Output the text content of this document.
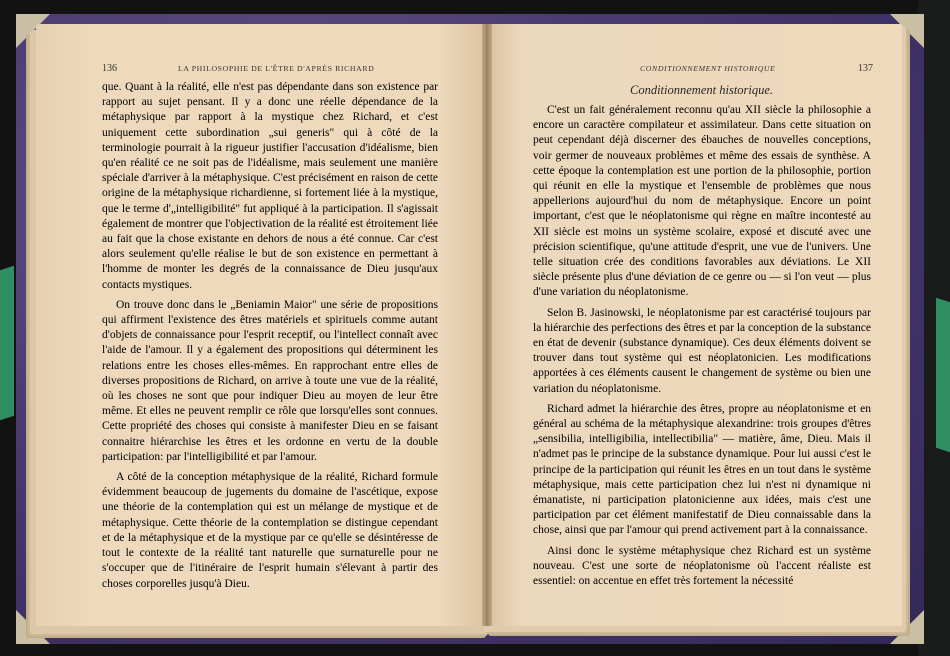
136	LA PHILOSOPHIE DE L'ÊTRE D'APRÈS RICHARD

que. Quant à la réalité, elle n'est pas dépendante dans son existence par rapport au sujet pensant. Il y a donc une réelle dépendance de la métaphysique par rapport à la mystique chez Richard, et c'est uniquement cette subordination „sui generis" qui à côté de la terminologie pourrait à la rigueur justifier l'accusation d'idéalisme, bien qu'en réalité ce ne soit pas de l'idéalisme, mais seulement une manière spéciale d'arriver à la métaphysique. C'est précisément en raison de cette origine de la métaphysique richardienne, si fortement liée à la mystique, que le terme d'„intelligibilité" fut appliqué à la participation. Il s'agissait également de montrer que l'objectivation de la réalité est étroitement liée au fait que la chose existante en dehors de nous a été connue. Car c'est alors seulement qu'elle réalise le but de son existence en permettant à l'homme de monter les degrés de la connaissance de Dieu jusqu'aux contacts mystiques.

On trouve donc dans le „Beniamin Maior" une série de propositions qui affirment l'existence des êtres matériels et spirituels comme autant d'objets de connaissance pour l'esprit receptif, ou l'intellect connaît avec l'aide de l'amour. Il y a également des propositions qui déterminent les relations entre les choses elles-mêmes. En rapprochant entre elles de diverses propositions de Richard, on arrive à toute une vue de la réalité, où les choses ne sont que pour indiquer Dieu au moyen de leur être même. Et elles ne peuvent remplir ce rôle que lorsqu'elles sont connues. Cette propriété des choses qui consiste à manifester Dieu en se faisant connaitre hiérarchise les êtres et les ordonne en vertu de la double participation: par l'intelligibilité et par l'amour.

A côté de la conception métaphysique de la réalité, Richard formule évidemment beaucoup de jugements du domaine de l'ascétique, expose une théorie de la contemplation qui est un mélange de mystique et de métaphysique. Cette théorie de la contemplation se distingue cependant et de la métaphysique et de la mystique par ce qu'elle se désintéresse de tout le contexte de la réalité tant naturelle que surnaturelle pour ne s'occuper que de l'itinéraire de l'esprit humain s'élevant à partir des choses corporelles jusqu'à Dieu.

CONDITIONNEMENT HISTORIQUE	137
Conditionnement historique.

C'est un fait généralement reconnu qu'au XII siècle la philosophie a encore un caractère compilateur et assimilateur. Dans cette situation on peut cependant déjà discerner des ébauches de nouvelles conceptions, voir germer de nouveaux problèmes et même des essais de synthèse. A cette époque la contemplation est une portion de la philosophie, portion qui réunit en elle la mystique et l'ensemble de problèmes que nous appellerions aujourd'hui du nom de métaphysique. Encore un point important, c'est que le néoplatonisme qui règne en maître incontesté au XII siècle est moins un système scolaire, exposé et discuté avec une précision scientifique, qu'une attitude d'esprit, une vue de l'univers. Une telle situation crée des conditions favorables aux déviations. Le XII siècle présente plus d'une déviation de ce genre ou — si l'on veut — plus d'une variation du néoplatonisme.

Selon B. Jasinowski, le néoplatonisme par est caractérisé toujours par la hiérarchie des perfections des êtres et par la conception de la substance en état de devenir (substance dynamique). Ces deux éléments doivent se trouver dans tout système qui est néoplatonicien. Les modifications apportées à ces éléments causent le changement de système ou bien une variation du néoplatonisme.

Richard admet la hiérarchie des êtres, propre au néoplatonisme et en général au schéma de la métaphysique alexandrine: trois groupes d'êtres „sensibilia, intelligibilia, intellectibilia" — matière, âme, Dieu. Mais il n'admet pas le principe de la substance dynamique. Pour lui aussi c'est le principe de la participation qui réunit les êtres en un tout dans le système métaphysique, mais cette participation chez lui n'est ni dynamique ni émanatiste, ni participation platonicienne aux idées, mais c'est une participation par cet élément manifestatif de Dieu connaissable dans la chose, ainsi que par l'amour qui prend activement part à la connaissance.

Ainsi donc le système métaphysique chez Richard est un système nouveau. C'est une sorte de néoplatonisme où l'accent réaliste est essentiel: on accentue en effet très fortement la nécessité
